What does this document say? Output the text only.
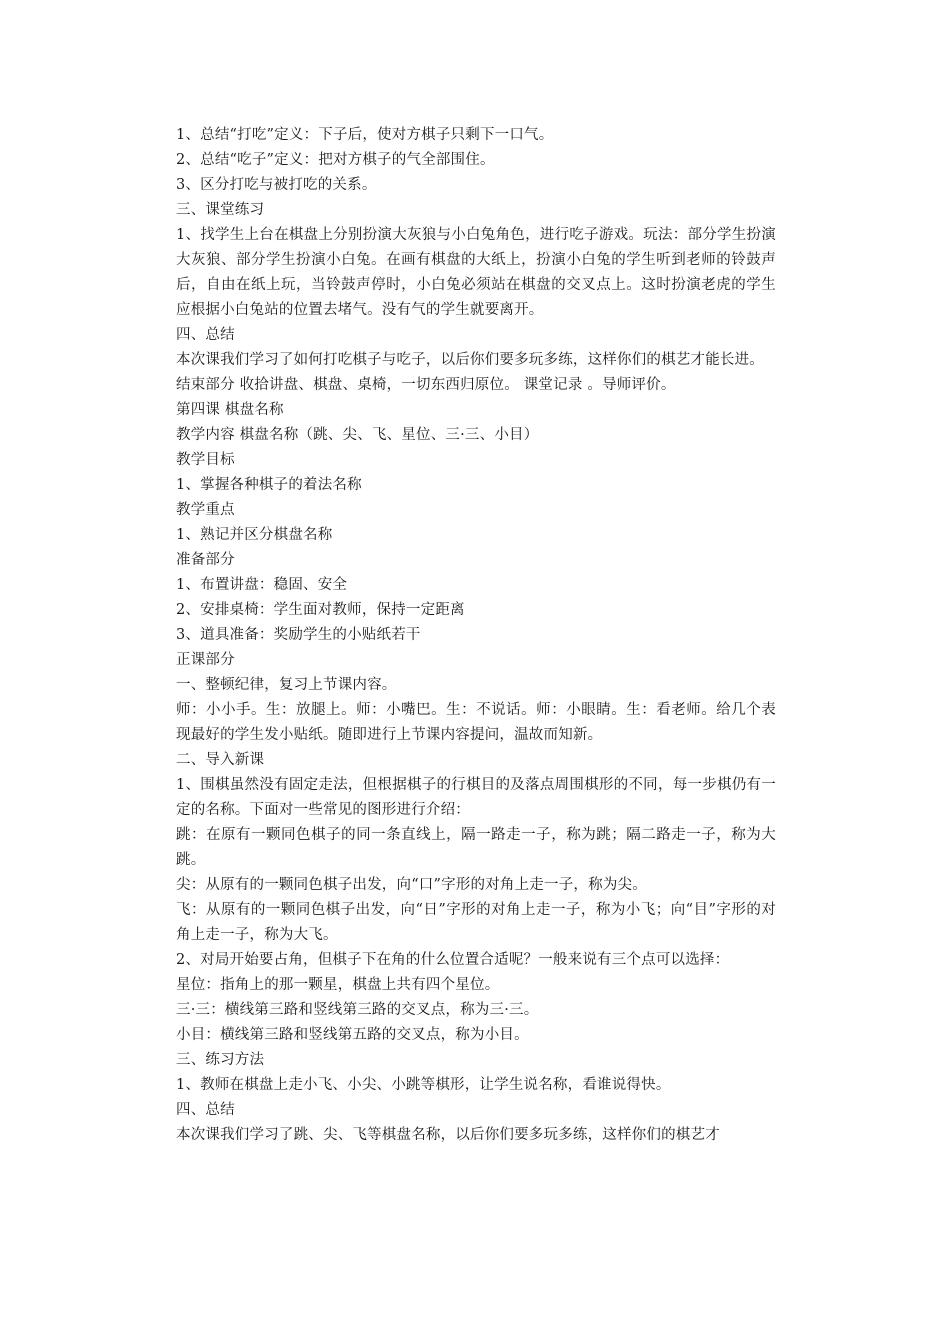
1、总结“打吃”定义：下子后，使对方棋子只剩下一口气。

2、总结“吃子”定义：把对方棋子的气全部围住。

3、区分打吃与被打吃的关系。

三、课堂练习

1、找学生上台在棋盘上分别扮演大灰狼与小白兔角色，进行吃子游戏。玩法：部分学生扮演大灰狼、部分学生扮演小白兔。在画有棋盘的大纸上，扮演小白兔的学生听到老师的铃鼓声后，自由在纸上玩，当铃鼓声停时，小白兔必须站在棋盘的交叉点上。这时扮演老虎的学生应根据小白兔站的位置去堵气。没有气的学生就要离开。

四、总结

本次课我们学习了如何打吃棋子与吃子，以后你们要多玩多练，这样你们的棋艺才能长进。

结束部分 收拾讲盘、棋盘、桌椅，一切东西归原位。 课堂记录 。导师评价。

第四课 棋盘名称

教学内容 棋盘名称（跳、尖、飞、星位、三·三、小目）

教学目标

1、掌握各种棋子的着法名称

教学重点

1、熟记并区分棋盘名称

准备部分

1、布置讲盘：稳固、安全

2、安排桌椅：学生面对教师，保持一定距离

3、道具准备：奖励学生的小贴纸若干

正课部分

一、整顿纪律，复习上节课内容。

师：小小手。生：放腿上。师：小嘴巴。生：不说话。师：小眼睛。生：看老师。给几个表现最好的学生发小贴纸。随即进行上节课内容提问，温故而知新。

二、导入新课

1、围棋虽然没有固定走法，但根据棋子的行棋目的及落点周围棋形的不同，每一步棋仍有一定的名称。下面对一些常见的图形进行介绍：

跳：在原有一颗同色棋子的同一条直线上，隔一路走一子，称为跳；隔二路走一子，称为大跳。

尖：从原有的一颗同色棋子出发，向“口”字形的对角上走一子，称为尖。

飞：从原有的一颗同色棋子出发，向“日”字形的对角上走一子，称为小飞；向“目”字形的对角上走一子，称为大飞。

2、对局开始要占角，但棋子下在角的什么位置合适呢？一般来说有三个点可以选择：

星位：指角上的那一颗星，棋盘上共有四个星位。

三·三：横线第三路和竖线第三路的交叉点，称为三·三。

小目：横线第三路和竖线第五路的交叉点，称为小目。

三、练习方法

1、教师在棋盘上走小飞、小尖、小跳等棋形，让学生说名称，看谁说得快。

四、总结

本次课我们学习了跳、尖、飞等棋盘名称，以后你们要多玩多练，这样你们的棋艺才
